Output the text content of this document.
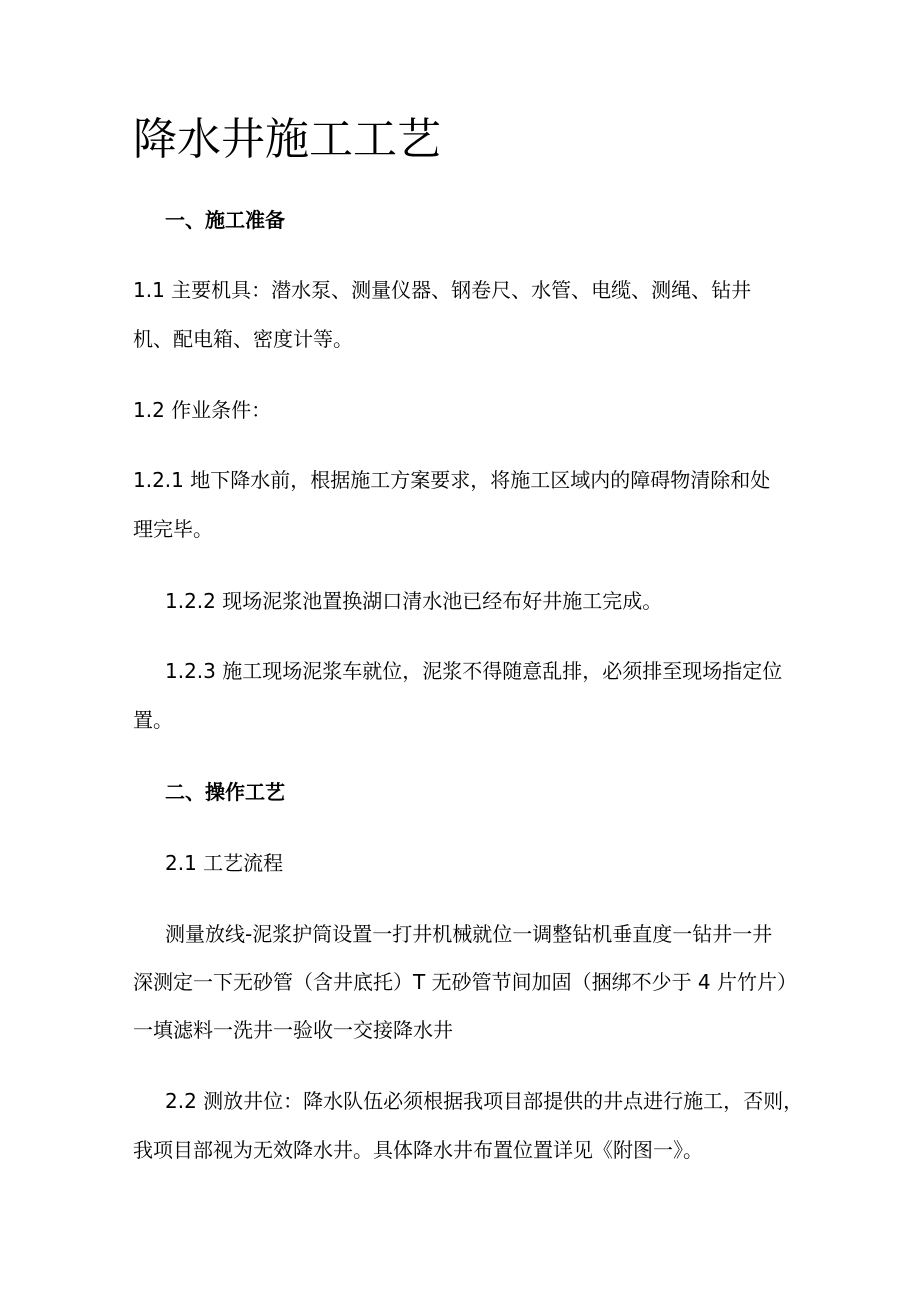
降水井施工工艺

一、施工准备

1.1 主要机具：潜水泵、测量仪器、钢卷尺、水管、电缆、测绳、钻井

机、配电箱、密度计等。

1.2 作业条件：

1.2.1 地下降水前，根据施工方案要求，将施工区域内的障碍物清除和处

理完毕。

1.2.2 现场泥浆池置换湖口清水池已经布好井施工完成。

1.2.3 施工现场泥浆车就位，泥浆不得随意乱排，必须排至现场指定位

置。

二、操作工艺

2.1 工艺流程

测量放线-泥浆护筒设置一打井机械就位一调整钻机垂直度一钻井一井

深测定一下无砂管（含井底托）T 无砂管节间加固（捆绑不少于 4 片竹片）

一填滤料一洗井一验收一交接降水井

2.2 测放井位：降水队伍必须根据我项目部提供的井点进行施工，否则，

我项目部视为无效降水井。具体降水井布置位置详见《附图一》。
